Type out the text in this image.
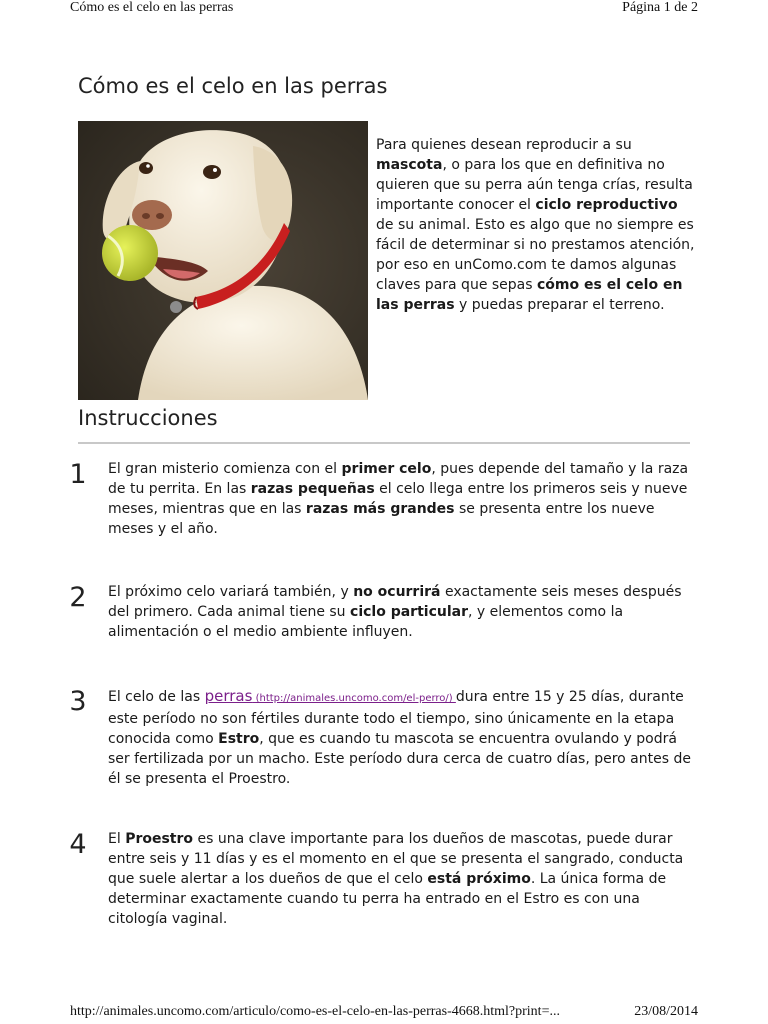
Cómo es el celo en las perras	Página 1 de 2
Cómo es el celo en las perras

Para quienes desean reproducir a su mascota, o para los que en definitiva no quieren que su perra aún tenga crías, resulta importante conocer el ciclo reproductivo de su animal. Esto es algo que no siempre es fácil de determinar si no prestamos atención, por eso en unComo.com te damos algunas claves para que sepas cómo es el celo en las perras y puedas preparar el terreno.

Instrucciones
1 El gran misterio comienza con el primer celo, pues depende del tamaño y la raza de tu perrita. En las razas pequeñas el celo llega entre los primeros seis y nueve meses, mientras que en las razas más grandes se presenta entre los nueve meses y el año.

2 El próximo celo variará también, y no ocurrirá exactamente seis meses después del primero. Cada animal tiene su ciclo particular, y elementos como la alimentación o el medio ambiente influyen.

3 El celo de las perras (http://animales.uncomo.com/el-perro/) dura entre 15 y 25 días, durante este período no son fértiles durante todo el tiempo, sino únicamente en la etapa conocida como Estro, que es cuando tu mascota se encuentra ovulando y podrá ser fertilizada por un macho. Este período dura cerca de cuatro días, pero antes de él se presenta el Proestro.

4 El Proestro es una clave importante para los dueños de mascotas, puede durar entre seis y 11 días y es el momento en el que se presenta el sangrado, conducta que suele alertar a los dueños de que el celo está próximo. La única forma de determinar exactamente cuando tu perra ha entrado en el Estro es con una citología vaginal.

http://animales.uncomo.com/articulo/como-es-el-celo-en-las-perras-4668.html?print=...	23/08/2014
